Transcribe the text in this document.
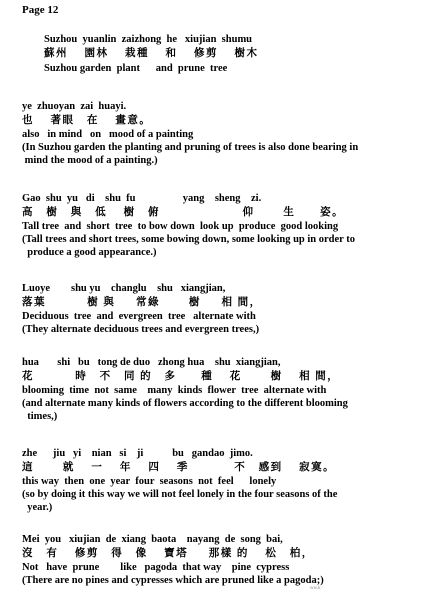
Page 12
Suzhou  yuanlin  zaizhong  he   xiujian  shumu
蘇州    園林    栽種    和    修剪    樹木
Suzhou garden  plant      and  prune  tree
ye  zhuoyan  zai  huayi.
也    著眼   在    畫意。
also   in mind   on   mood of a painting
(In Suzhou garden the planting and pruning of trees is also done bearing in
mind the mood of a painting.)
Gao  shu  yu   di    shu  fu                  yang    sheng    zi.
高   樹   與   低    樹   俯                    仰       生      姿。
Tall tree  and  short  tree  to bow down  look up  produce  good looking
(Tall trees and short trees, some bowing down, some looking up in order to
produce a good appearance.)
Luoye        shu yu    changlu    shu   xiangjian,
落葉          樹 與     常綠       樹     相 間，
Deciduous  tree  and  evergreen  tree   alternate with
(They alternate deciduous trees and evergreen trees,)
hua       shi   bu   tong de duo   zhong hua    shu  xiangjian,
花          時   不   同 的   多      種    花       樹    相 間，
blooming  time  not  same    many  kinds  flower  tree  alternate with
(and alternate many kinds of flowers according to the different blooming
times,)
zhe      jiu   yi    nian   si    ji           bu   gandao  jimo.
這       就    一    年    四    季           不   感到    寂寞。
this way  then  one  year  four  seasons  not  feel      lonely
(so by doing it this way we will not feel lonely in the four seasons of the
year.)
Mei  you   xiujian  de  xiang  baota    nayang  de  song  bai,
沒   有    修剪   得   像    寶塔     那樣 的    松   柏，
Not   have  prune        like   pagoda  that way    pine  cypress
(There are no pines and cypresses which are pruned like a pagoda;)
ww.k
